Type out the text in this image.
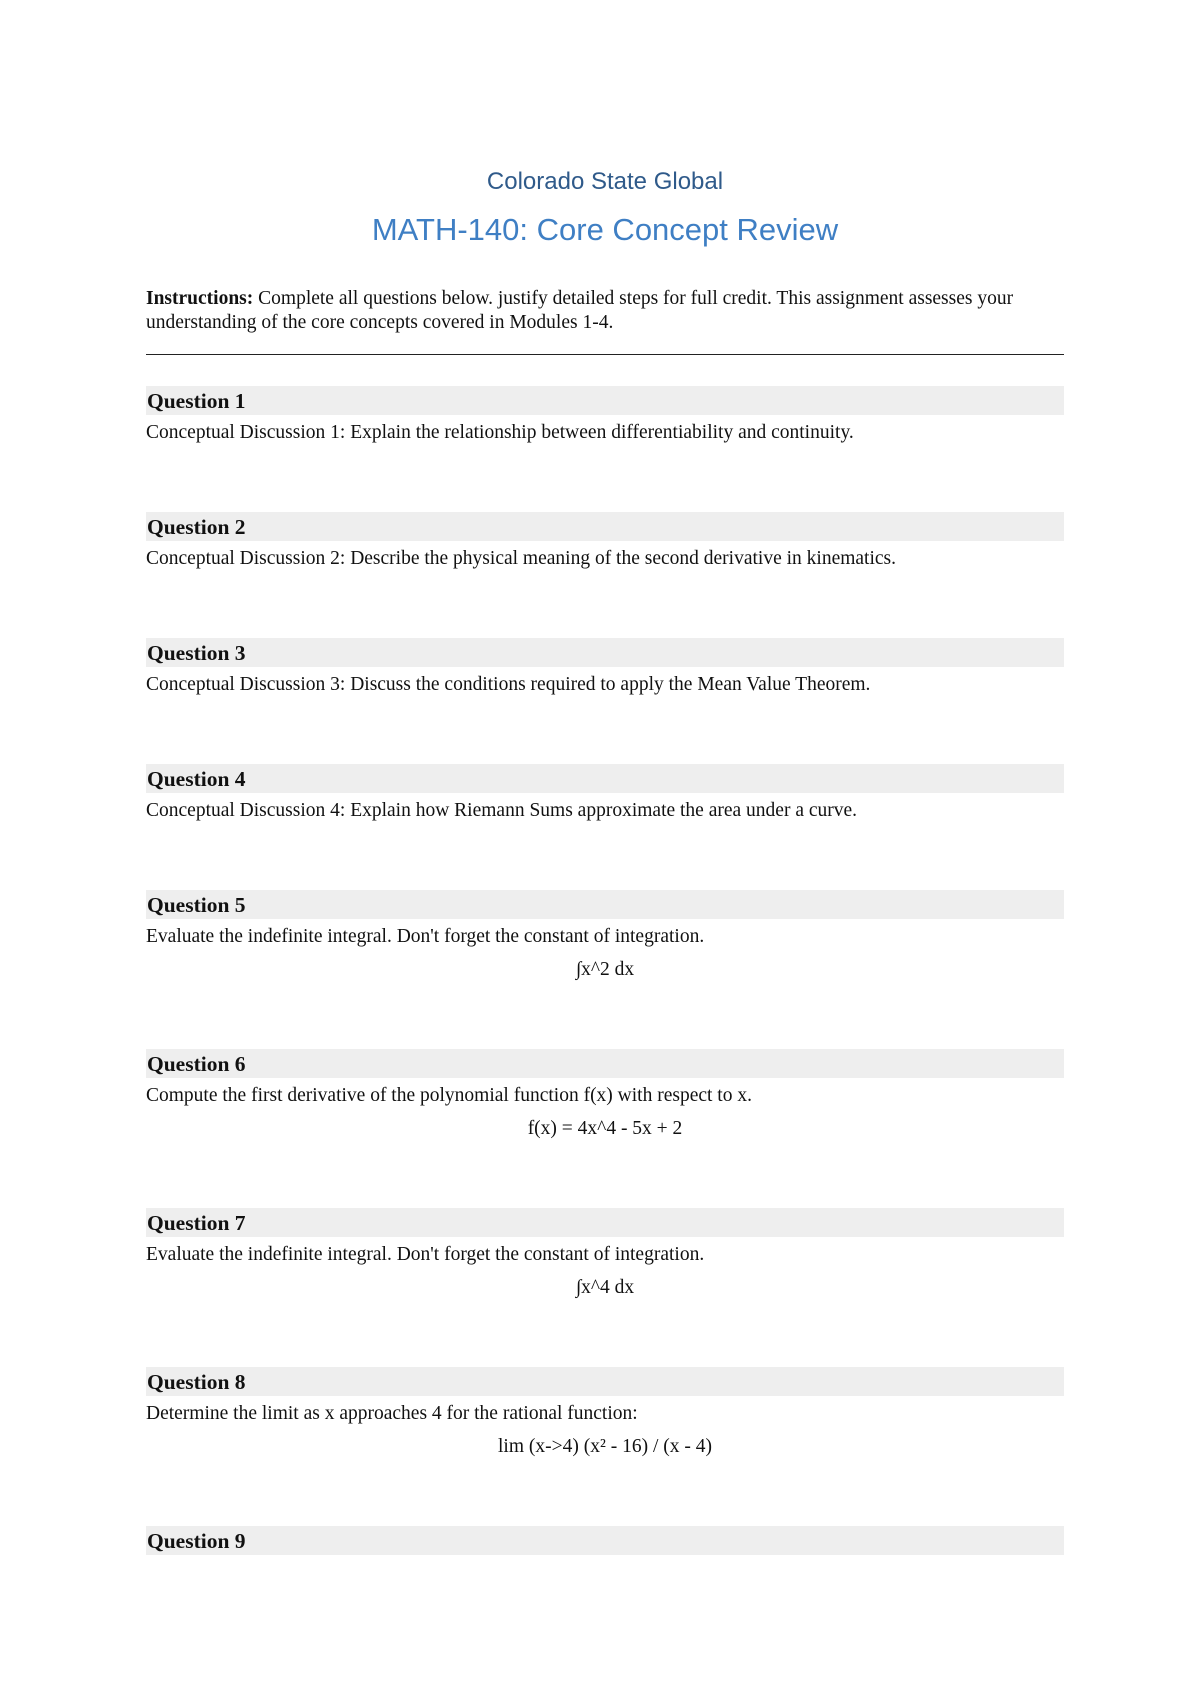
Colorado State Global
MATH-140: Core Concept Review
Instructions: Complete all questions below. justify detailed steps for full credit. This assignment assesses your understanding of the core concepts covered in Modules 1-4.
Question 1
Conceptual Discussion 1: Explain the relationship between differentiability and continuity.
Question 2
Conceptual Discussion 2: Describe the physical meaning of the second derivative in kinematics.
Question 3
Conceptual Discussion 3: Discuss the conditions required to apply the Mean Value Theorem.
Question 4
Conceptual Discussion 4: Explain how Riemann Sums approximate the area under a curve.
Question 5
Evaluate the indefinite integral. Don't forget the constant of integration.
∫x^2 dx
Question 6
Compute the first derivative of the polynomial function f(x) with respect to x.
f(x) = 4x^4 - 5x + 2
Question 7
Evaluate the indefinite integral. Don't forget the constant of integration.
∫x^4 dx
Question 8
Determine the limit as x approaches 4 for the rational function:
lim (x->4) (x² - 16) / (x - 4)
Question 9
